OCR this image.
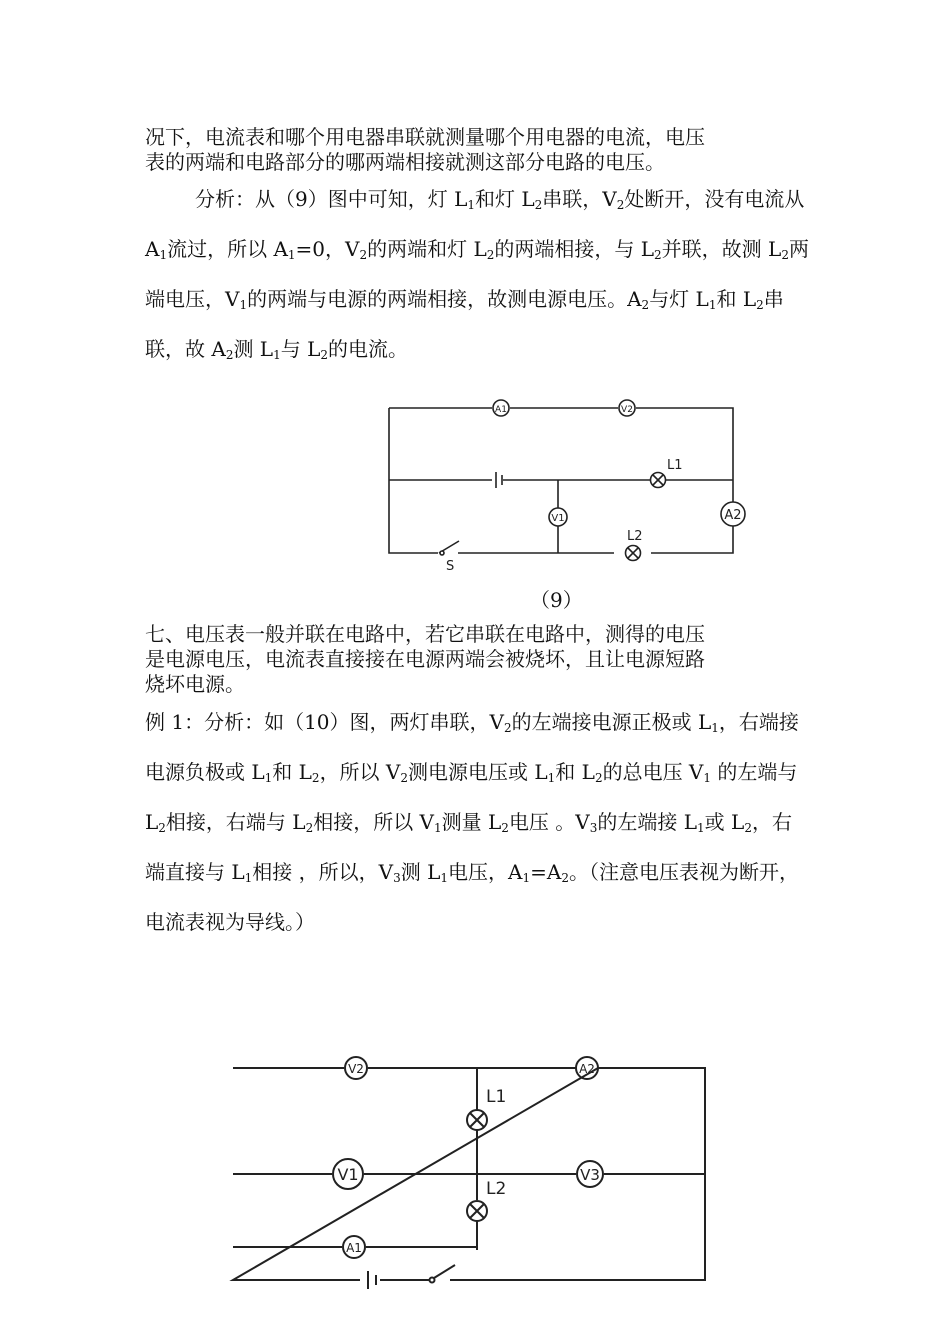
况下，电流表和哪个用电器串联就测量哪个用电器的电流，电压
表的两端和电路部分的哪两端相接就测这部分电路的电压。
分析：从（9）图中可知，灯 $L_1$和灯 $L_2$串联，$V_2$处断开，没有电流从 $A_1$流过，所以 $A_1=0$，$V_2$的两端和灯 $L_2$的两端相接，与 $L_2$并联，故测 $L_2$两端电压，$V_1$的两端与电源的两端相接，故测电源电压。$A_2$与灯 $L_1$和 $L_2$串联，故 $A_2$测 $L_1$与 $L_2$的电流。
A1	V2
L1
V1	A2
L2
S
（9）
七、电压表一般并联在电路中，若它串联在电路中，测得的电压
是电源电压，电流表直接接在电源两端会被烧坏，且让电源短路
烧坏电源。
例 1：分析：如（10）图，两灯串联，$V_2$的左端接电源正极或 $L_1$，右端接电源负极或 $L_1$和 $L_2$，所以 $V_2$测电源电压或 $L_1$和 $L_2$的总电压 $V_1$ 的左端与 $L_2$相接，右端与 $L_2$相接，所以 $V_1$测量 $L_2$电压 。$V_3$的左端接 $L_1$或 $L_2$，右端直接与 $L_1$相接 ，所以，$V_3$测 $L_1$电压，$A_1=A_2$。（注意电压表视为断开，电流表视为导线。）
V2	A2
L1
V1	V3
L2
A1
